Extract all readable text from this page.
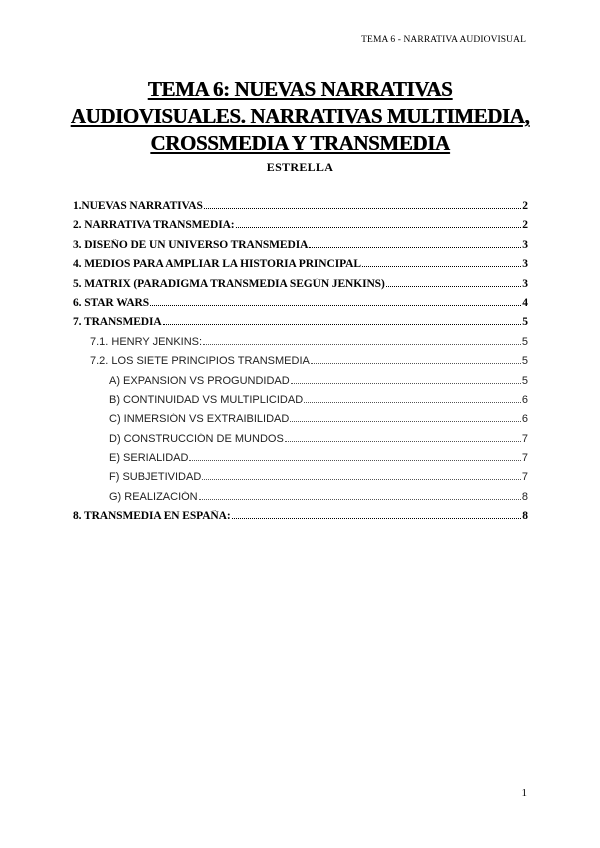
TEMA 6 - NARRATIVA AUDIOVISUAL
TEMA 6: NUEVAS NARRATIVAS AUDIOVISUALES. NARRATIVAS MULTIMEDIA, CROSSMEDIA Y TRANSMEDIA
ESTRELLA
1.NUEVAS NARRATIVAS	2
2. NARRATIVA TRANSMEDIA:	2
3. DISEÑO DE UN UNIVERSO TRANSMEDIA	3
4. MEDIOS PARA AMPLIAR LA HISTORIA PRINCIPAL	3
5. MATRIX (PARADIGMA TRANSMEDIA SEGÚN JENKINS)	3
6. STAR WARS	4
7. TRANSMEDIA	5
7.1. HENRY JENKINS:	5
7.2. LOS SIETE PRINCIPIOS TRANSMEDIA	5
A) EXPANSION VS PROGUNDIDAD	5
B) CONTINUIDAD VS MULTIPLICIDAD	6
C) INMERSIÓN VS EXTRAIBILIDAD	6
D) CONSTRUCCIÓN DE MUNDOS	7
E) SERIALIDAD	7
F) SUBJETIVIDAD	7
G) REALIZACIÓN	8
8. TRANSMEDIA EN ESPAÑA:	8
1
